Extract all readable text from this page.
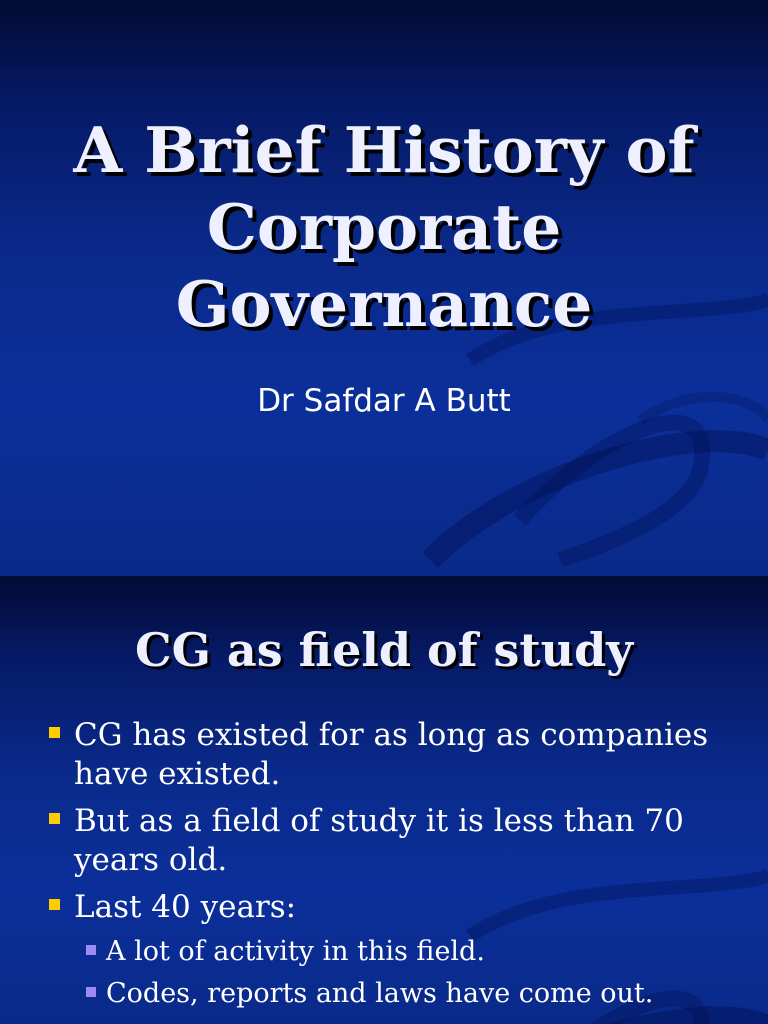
A Brief History of
Corporate
Governance
Dr Safdar A Butt
CG as field of study
CG has existed for as long as companies have existed.
But as a field of study it is less than 70 years old.
Last 40 years:
A lot of activity in this field.
Codes, reports and laws have come out.
